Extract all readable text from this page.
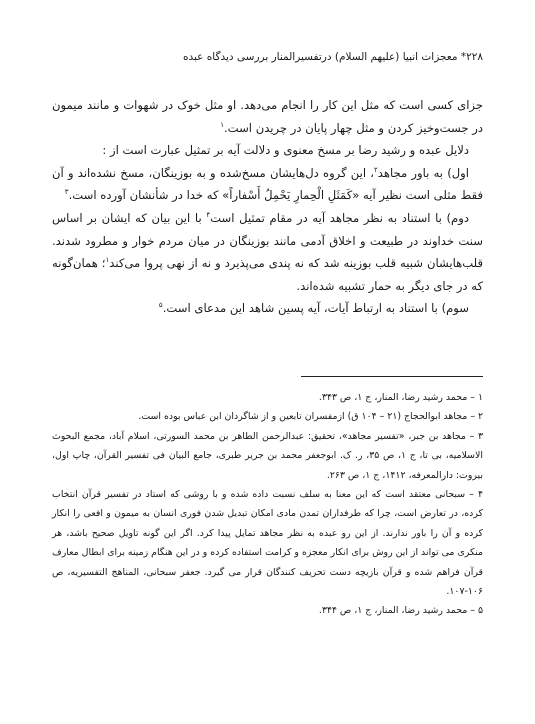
۲۲۸* معجزات انبیا (علیهم السلام) درتفسیرالمنار بررسی دیدگاه عبده

جزای کسی است که مثل این کار را انجام می‌دهد. او مثل خوک در شهوات و مانند میمون در جست‌وخیز کردن و مثل چهار پایان در چریدن است.$^۱$

دلایل عبده و رشید رضا بر مسخ معنوی و دلالت آیه بر تمثیل عبارت است از :

اول) به باور مجاهد$^۲$، این گروه دل‌هایشان مسخ‌شده و به بوزینگان، مسخ نشده‌اند و آن فقط مثلی است نظیر آیه «کَمَثَلِ الْحِمارِ یَحْمِلُ أَسْفاراً» که خدا در شأنشان آورده است.$^۳$

دوم) با استناد به نظر مجاهد آیه در مقام تمثیل است$^۴$ با این بیان که ایشان بر اساس سنت خداوند در طبیعت و اخلاق آدمی مانند بوزینگان در میان مردم خوار و مطرود شدند. قلب‌هایشان شبیه قلب بوزینه شد که نه پندی می‌پذیرد و نه از نهی پروا می‌کند$^۱$؛ همان‌گونه که در جای دیگر به حمار تشبیه شده‌اند.

سوم) با استناد به ارتباط آیات، آیه پسین شاهد این مدعای است.$^۵$

۱ – محمد رشید رضا، المنار، ج ۱، ص ۳۴۳.

۲ – مجاهد ابوالحجاج (۲۱ – ۱۰۴ ق) ازمفسران تابعین و از شاگردان ابن عباس بوده است.

۳ – مجاهد بن جبر، «تفسیر مجاهد»، تحقیق: عبدالرحمن الطاهر بن محمد السورتی، اسلام آباد، مجمع البحوث الاسلامیه، بی تا، ج ۱، ص ۳۵، ر. ک. ابوجعفر محمد بن جریر طبری، جامع البیان فی تفسیر القرآن، چاپ اول، بیروت: دارالمعرفه، ۱۴۱۲، ج ۱، ص ۲۶۳.

۴ – سبحانی معتقد است که این معنا به سلف نسبت داده شده و با روشی که استاد در تفسیر قرآن انتخاب کرده، در تعارض است، چرا که طرفداران تمدن مادی امکان تبدیل شدن فوری انسان به میمون و افعی را انکار کرده و آن را باور ندارند. از این رو عبده به نظر مجاهد تمایل پیدا کرد. اگر این گونه تاویل صحیح باشد، هر منکری می تواند از این روش برای انکار معجزه و کرامت استفاده کرده و در این هنگام زمینه برای ابطال معارف قرآن فراهم شده و قرآن بازیچه دست تحریف کنندگان قرار می گیرد. جعفر سبحانی، المناهج التفسیریه، ص ۱۰۶-۱۰۷.

۵ – محمد رشید رضا، المنار، ج ۱، ص ۳۴۴.
